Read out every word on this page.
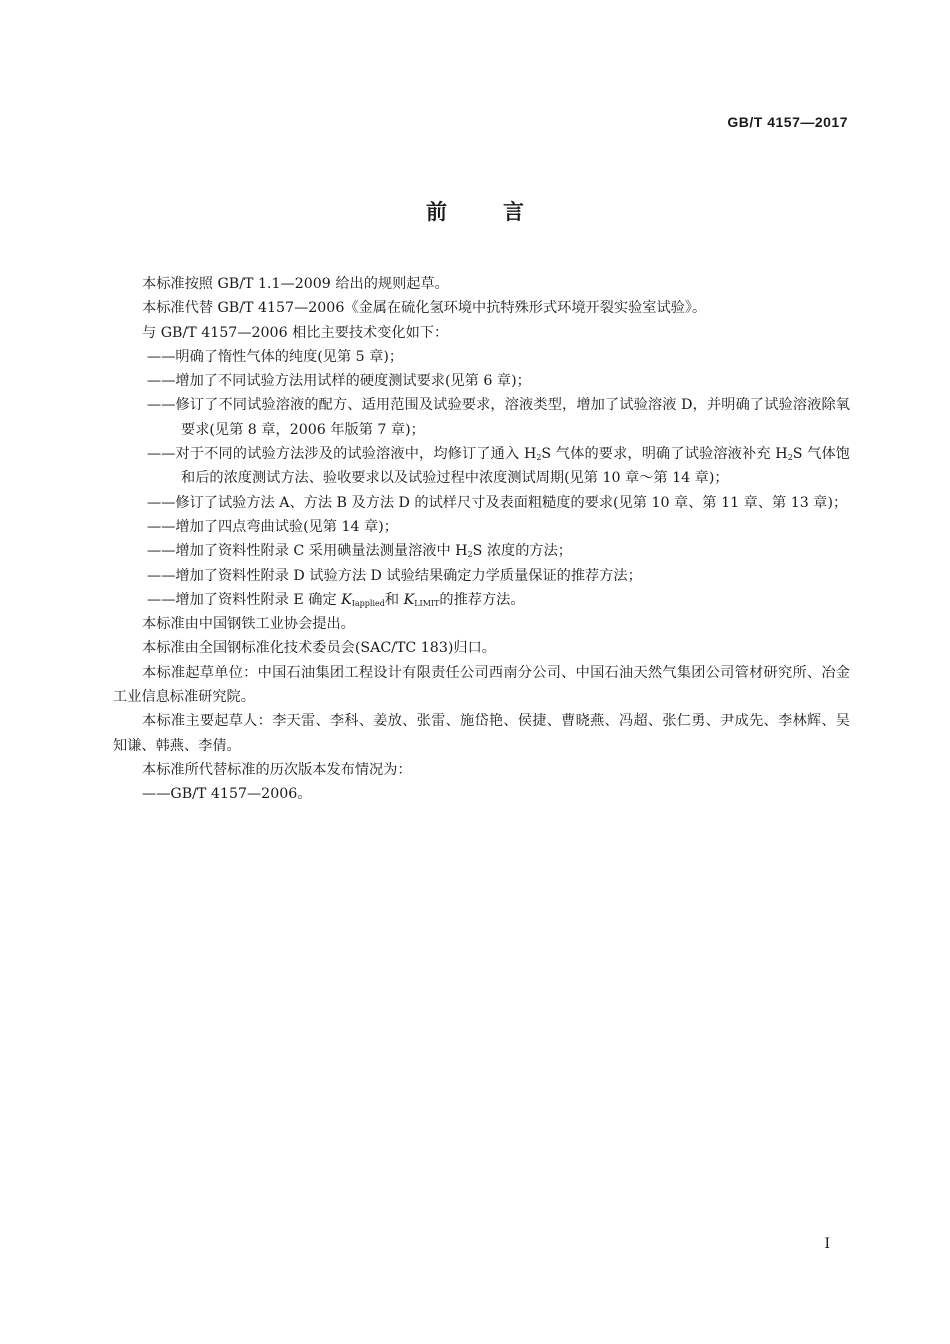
GB/T 4157—2017
前	言

本标准按照 GB/T 1.1—2009 给出的规则起草。

本标准代替 GB/T 4157—2006《金属在硫化氢环境中抗特殊形式环境开裂实验室试验》。

与 GB/T 4157—2006 相比主要技术变化如下：

——明确了惰性气体的纯度(见第 5 章)；

——增加了不同试验方法用试样的硬度测试要求(见第 6 章)；

——修订了不同试验溶液的配方、适用范围及试验要求，溶液类型，增加了试验溶液 D，并明确了试验溶液除氧要求(见第 8 章，2006 年版第 7 章)；

——对于不同的试验方法涉及的试验溶液中，均修订了通入 $H_2S$ 气体的要求，明确了试验溶液补充 $H_2S$ 气体饱和后的浓度测试方法、验收要求以及试验过程中浓度测试周期(见第 10 章～第 14 章)；

——修订了试验方法 A、方法 B 及方法 D 的试样尺寸及表面粗糙度的要求(见第 10 章、第 11 章、第 13 章)；

——增加了四点弯曲试验(见第 14 章)；

——增加了资料性附录 C 采用碘量法测量溶液中 $H_2S$ 浓度的方法；

——增加了资料性附录 D 试验方法 D 试验结果确定力学质量保证的推荐方法；

——增加了资料性附录 E 确定 $K_{Iapplied}$和 $K_{LIMIT}$的推荐方法。

本标准由中国钢铁工业协会提出。

本标准由全国钢标准化技术委员会(SAC/TC 183)归口。

本标准起草单位：中国石油集团工程设计有限责任公司西南分公司、中国石油天然气集团公司管材研究所、冶金工业信息标准研究院。

本标准主要起草人：李天雷、李科、姜放、张雷、施岱艳、侯捷、曹晓燕、冯超、张仁勇、尹成先、李林辉、吴知谦、韩燕、李倩。

本标准所代替标准的历次版本发布情况为：

——GB/T 4157—2006。

I
